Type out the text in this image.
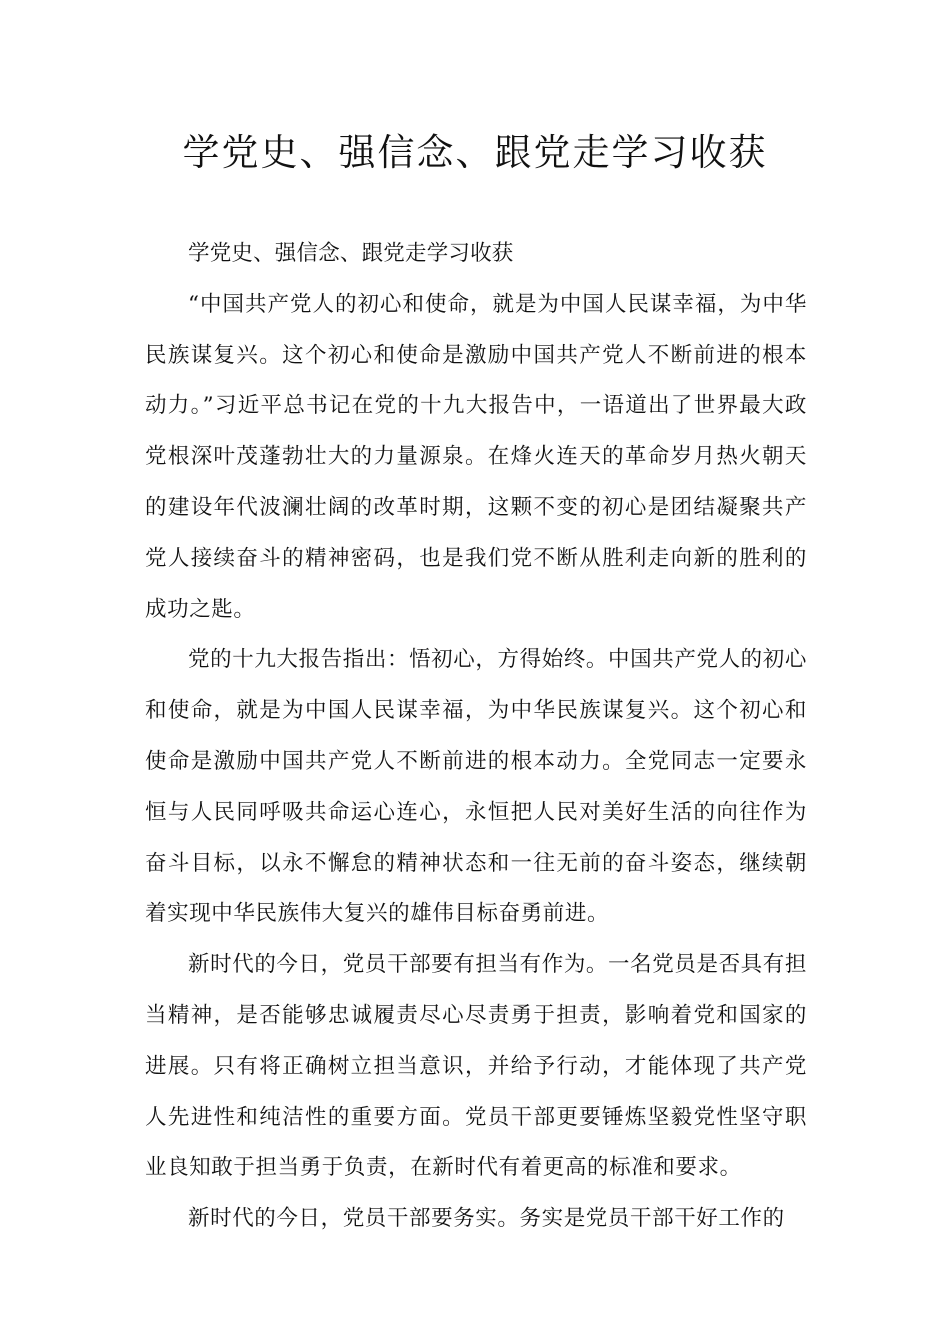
学党史、强信念、跟党走学习收获

学党史、强信念、跟党走学习收获

“中国共产党人的初心和使命，就是为中国人民谋幸福，为中华民族谋复兴。这个初心和使命是激励中国共产党人不断前进的根本动力。”习近平总书记在党的十九大报告中，一语道出了世界最大政党根深叶茂蓬勃壮大的力量源泉。在烽火连天的革命岁月热火朝天的建设年代波澜壮阔的改革时期，这颗不变的初心是团结凝聚共产党人接续奋斗的精神密码，也是我们党不断从胜利走向新的胜利的成功之匙。

党的十九大报告指出：悟初心，方得始终。中国共产党人的初心和使命，就是为中国人民谋幸福，为中华民族谋复兴。这个初心和使命是激励中国共产党人不断前进的根本动力。全党同志一定要永恒与人民同呼吸共命运心连心，永恒把人民对美好生活的向往作为奋斗目标，以永不懈怠的精神状态和一往无前的奋斗姿态，继续朝着实现中华民族伟大复兴的雄伟目标奋勇前进。

新时代的今日，党员干部要有担当有作为。一名党员是否具有担当精神，是否能够忠诚履责尽心尽责勇于担责，影响着党和国家的进展。只有将正确树立担当意识，并给予行动，才能体现了共产党人先进性和纯洁性的重要方面。党员干部更要锤炼坚毅党性坚守职业良知敢于担当勇于负责，在新时代有着更高的标准和要求。

新时代的今日，党员干部要务实。务实是党员干部干好工作的
